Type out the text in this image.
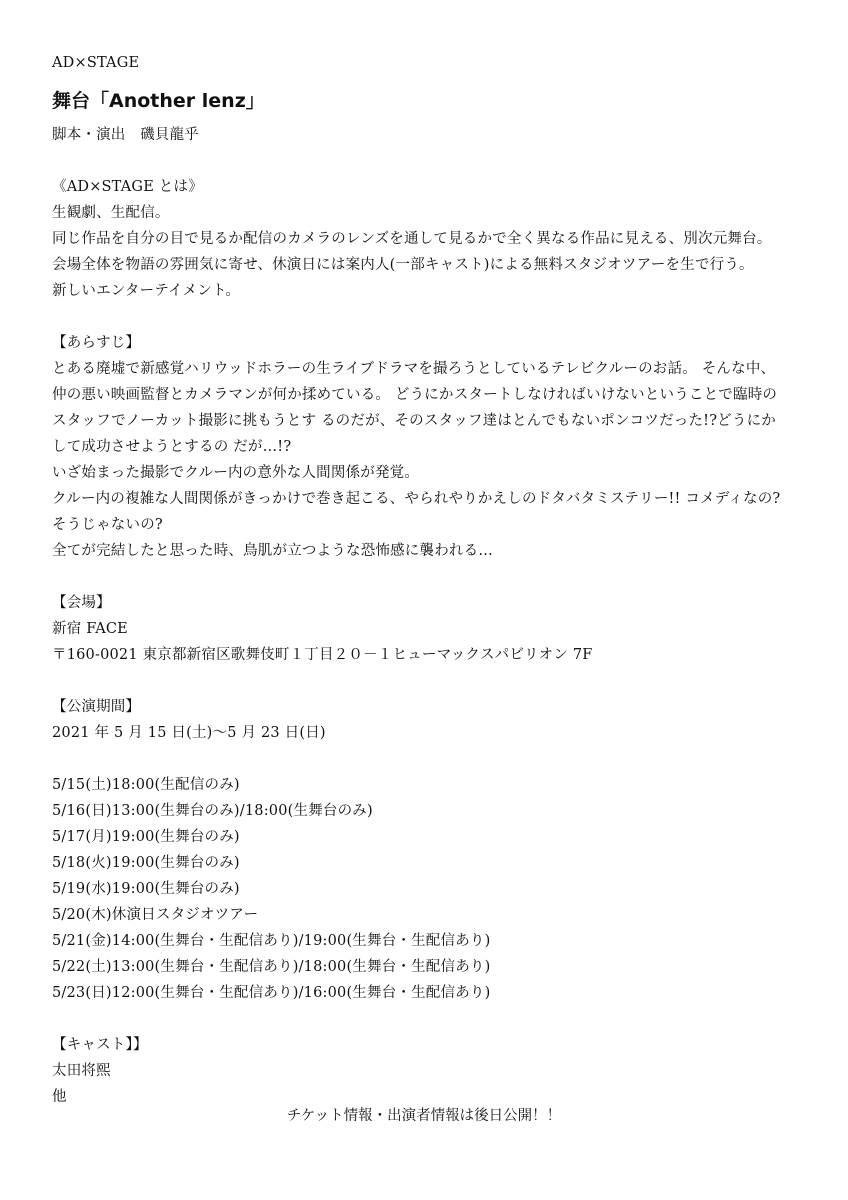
AD×STAGE
舞台「Another lenz」
脚本・演出　磯貝龍乎
《AD×STAGE とは》
生観劇、生配信。
同じ作品を自分の目で見るか配信のカメラのレンズを通して見るかで全く異なる作品に見える、別次元舞台。
会場全体を物語の雰囲気に寄せ、休演日には案内人(一部キャスト)による無料スタジオツアーを生で行う。
新しいエンターテイメント。
【あらすじ】
とある廃墟で新感覚ハリウッドホラーの生ライブドラマを撮ろうとしているテレビクルーのお話。 そんな中、
仲の悪い映画監督とカメラマンが何か揉めている。 どうにかスタートしなければいけないということで臨時の
スタッフでノーカット撮影に挑もうとす るのだが、そのスタッフ達はとんでもないポンコツだった!?どうにか
して成功させようとするの だが…!?
いざ始まった撮影でクルー内の意外な人間関係が発覚。
クルー内の複雑な人間関係がきっかけで巻き起こる、やられやりかえしのドタバタミステリー!! コメディなの?
そうじゃないの?
全てが完結したと思った時、鳥肌が立つような恐怖感に襲われる…
【会場】
新宿 FACE
〒160-0021 東京都新宿区歌舞伎町１丁目２０－１ヒューマックスパビリオン 7F
【公演期間】
2021 年 5 月 15 日(土)～5 月 23 日(日)
5/15(土)18:00(生配信のみ)
5/16(日)13:00(生舞台のみ)/18:00(生舞台のみ)
5/17(月)19:00(生舞台のみ)
5/18(火)19:00(生舞台のみ)
5/19(水)19:00(生舞台のみ)
5/20(木)休演日スタジオツアー
5/21(金)14:00(生舞台・生配信あり)/19:00(生舞台・生配信あり)
5/22(土)13:00(生舞台・生配信あり)/18:00(生舞台・生配信あり)
5/23(日)12:00(生舞台・生配信あり)/16:00(生舞台・生配信あり)
【キャスト】】
太田将熙
他
チケット情報・出演者情報は後日公開！！
